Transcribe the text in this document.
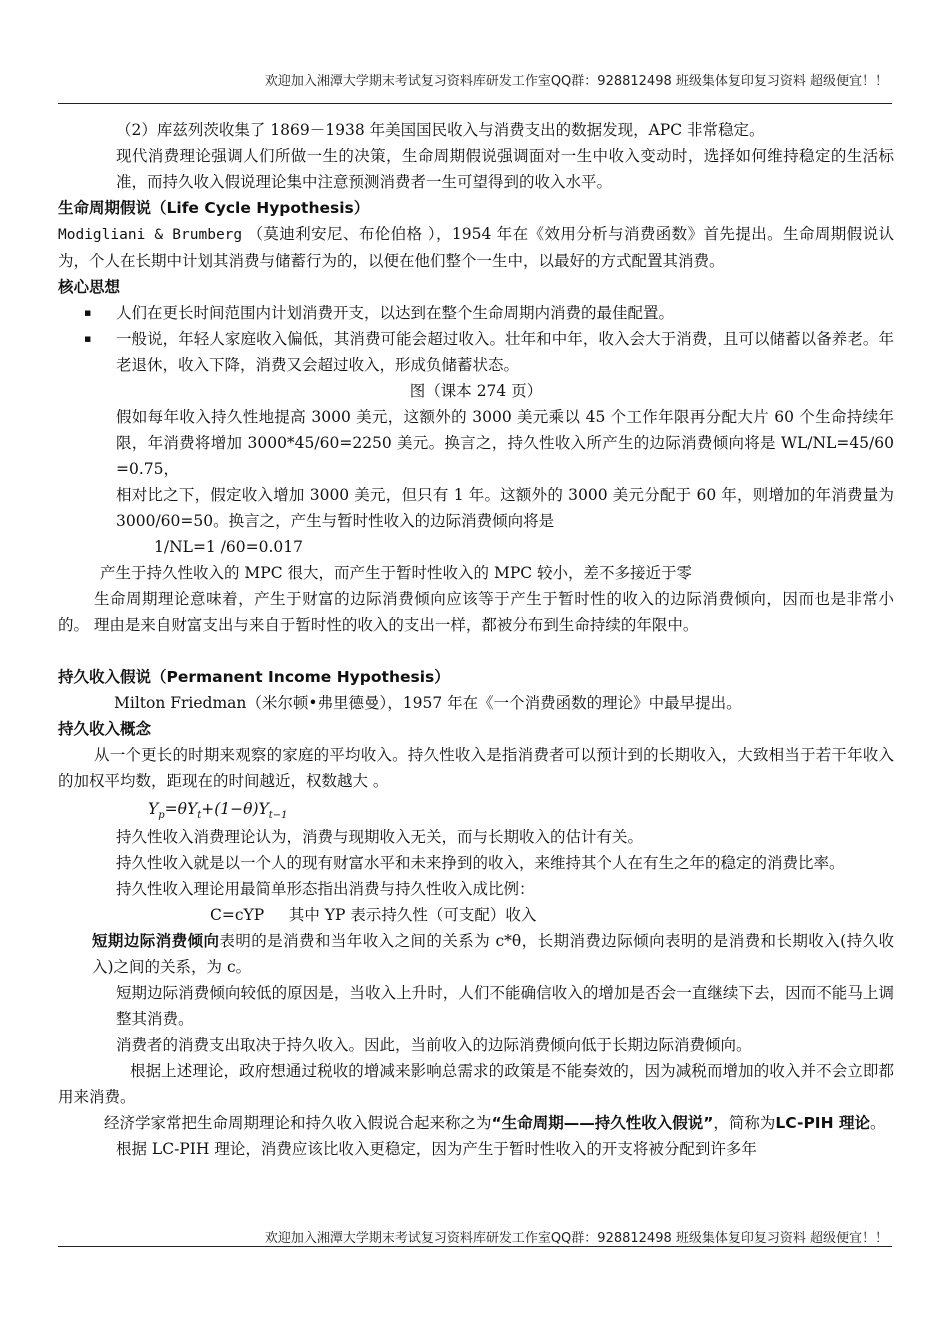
欢迎加入湘潭大学期末考试复习资料库研发工作室QQ群：928812498 班级集体复印复习资料 超级便宜！！

（2）库兹列茨收集了 1869－1938 年美国国民收入与消费支出的数据发现，APC 非常稳定。

现代消费理论强调人们所做一生的决策，生命周期假说强调面对一生中收入变动时，选择如何维持稳定的生活标准，而持久收入假说理论集中注意预测消费者一生可望得到的收入水平。

生命周期假说（Life Cycle Hypothesis）

Modigliani & Brumberg （莫迪利安尼、布伦伯格 ），1954 年在《效用分析与消费函数》首先提出。生命周期假说认为，个人在长期中计划其消费与储蓄行为的，以便在他们整个一生中，以最好的方式配置其消费。

核心思想

▪	人们在更长时间范围内计划消费开支，以达到在整个生命周期内消费的最佳配置。

▪	一般说，年轻人家庭收入偏低，其消费可能会超过收入。壮年和中年，收入会大于消费，且可以储蓄以备养老。年老退休，收入下降，消费又会超过收入，形成负储蓄状态。

图（课本 274 页）

假如每年收入持久性地提高 3000 美元，这额外的 3000 美元乘以 45 个工作年限再分配大片 60 个生命持续年限，年消费将增加 3000*45/60=2250 美元。换言之，持久性收入所产生的边际消费倾向将是 WL/NL=45/60 =0.75，

相对比之下，假定收入增加 3000 美元，但只有 1 年。这额外的 3000 美元分配于 60 年，则增加的年消费量为 3000/60=50。换言之，产生与暂时性收入的边际消费倾向将是

1/NL=1 /60=0.017

产生于持久性收入的 MPC 很大，而产生于暂时性收入的 MPC 较小，差不多接近于零

生命周期理论意味着，产生于财富的边际消费倾向应该等于产生于暂时性的收入的边际消费倾向，因而也是非常小的。 理由是来自财富支出与来自于暂时性的收入的支出一样，都被分布到生命持续的年限中。

持久收入假说（Permanent Income Hypothesis）

Milton Friedman（米尔顿•弗里德曼），1957 年在《一个消费函数的理论》中最早提出。

持久收入概念

从一个更长的时期来观察的家庭的平均收入。持久性收入是指消费者可以预计到的长期收入，大致相当于若干年收入的加权平均数，距现在的时间越近，权数越大 。

$Y_p=\theta Y_t+(1-\theta)Y_{t-1}$

持久性收入消费理论认为，消费与现期收入无关，而与长期收入的估计有关。

持久性收入就是以一个人的现有财富水平和未来挣到的收入，来维持其个人在有生之年的稳定的消费比率。

持久性收入理论用最简单形态指出消费与持久性收入成比例：

C=cYP     其中 YP 表示持久性（可支配）收入

短期边际消费倾向表明的是消费和当年收入之间的关系为 c*θ，长期消费边际倾向表明的是消费和长期收入(持久收入)之间的关系，为 c。

短期边际消费倾向较低的原因是，当收入上升时，人们不能确信收入的增加是否会一直继续下去，因而不能马上调整其消费。

消费者的消费支出取决于持久收入。因此，当前收入的边际消费倾向低于长期边际消费倾向。

根据上述理论，政府想通过税收的增减来影响总需求的政策是不能奏效的，因为减税而增加的收入并不会立即都用来消费。

经济学家常把生命周期理论和持久收入假说合起来称之为“生命周期——持久性收入假说”，简称为LC-PIH 理论。

根据 LC-PIH 理论，消费应该比收入更稳定，因为产生于暂时性收入的开支将被分配到许多年

欢迎加入湘潭大学期末考试复习资料库研发工作室QQ群：928812498 班级集体复印复习资料 超级便宜！！
